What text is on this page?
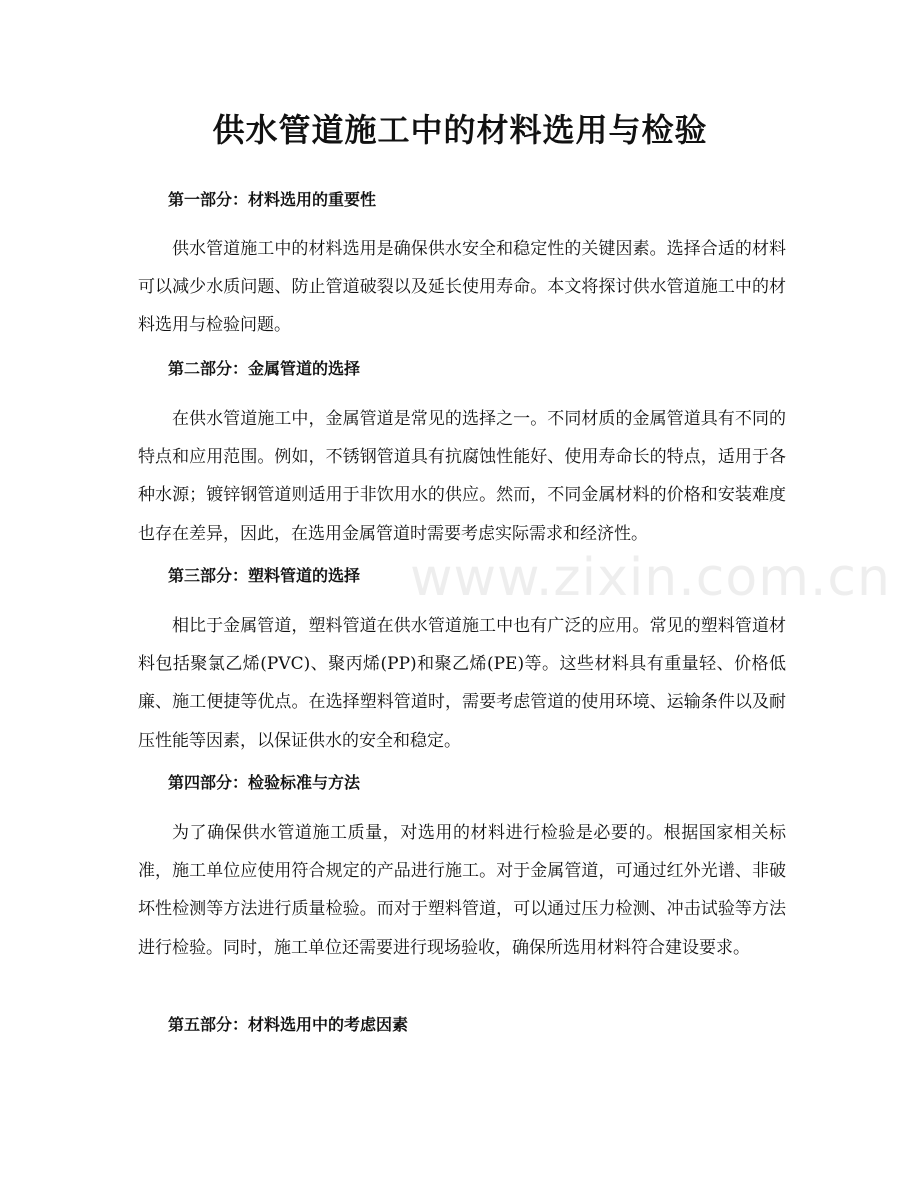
供水管道施工中的材料选用与检验
www.zixin.com.cn
第一部分：材料选用的重要性

供水管道施工中的材料选用是确保供水安全和稳定性的关键因素。选择合适的材料可以减少水质问题、防止管道破裂以及延长使用寿命。本文将探讨供水管道施工中的材料选用与检验问题。

第二部分：金属管道的选择

在供水管道施工中，金属管道是常见的选择之一。不同材质的金属管道具有不同的特点和应用范围。例如，不锈钢管道具有抗腐蚀性能好、使用寿命长的特点，适用于各种水源；镀锌钢管道则适用于非饮用水的供应。然而，不同金属材料的价格和安装难度也存在差异，因此，在选用金属管道时需要考虑实际需求和经济性。

第三部分：塑料管道的选择

相比于金属管道，塑料管道在供水管道施工中也有广泛的应用。常见的塑料管道材料包括聚氯乙烯(PVC)、聚丙烯(PP)和聚乙烯(PE)等。这些材料具有重量轻、价格低廉、施工便捷等优点。在选择塑料管道时，需要考虑管道的使用环境、运输条件以及耐压性能等因素，以保证供水的安全和稳定。

第四部分：检验标准与方法

为了确保供水管道施工质量，对选用的材料进行检验是必要的。根据国家相关标准，施工单位应使用符合规定的产品进行施工。对于金属管道，可通过红外光谱、非破坏性检测等方法进行质量检验。而对于塑料管道，可以通过压力检测、冲击试验等方法进行检验。同时，施工单位还需要进行现场验收，确保所选用材料符合建设要求。

第五部分：材料选用中的考虑因素
